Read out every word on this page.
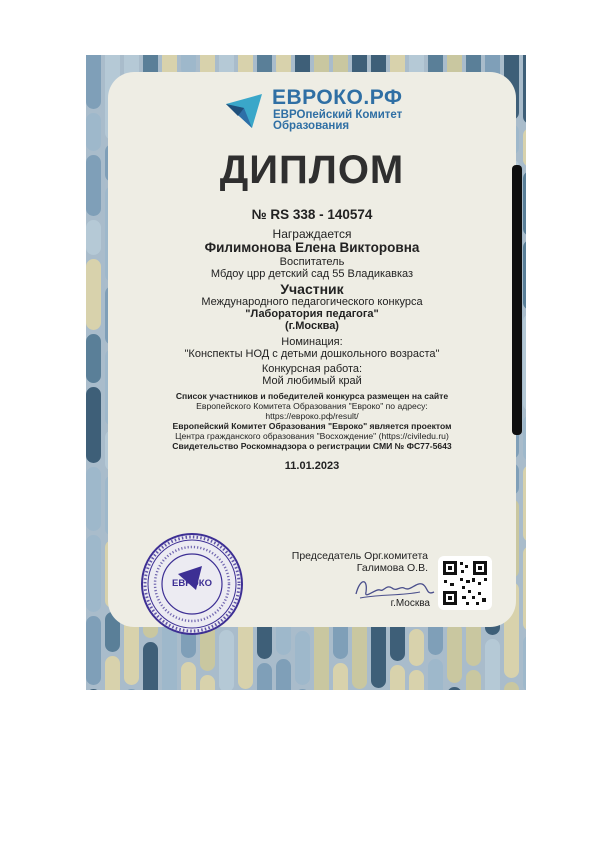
ЕВРОКО.РФ
ЕВРОпейский Комитет
Образования
ДИПЛОМ
№ RS 338 - 140574
Награждается
Филимонова Елена Викторовна
Воспитатель
Мбдоу црр детский сад 55 Владикавказ
Участник
Международного педагогического конкурса
"Лаборатория педагога"
(г.Москва)
Номинация:
"Конспекты НОД с детьми дошкольного возраста"
Конкурсная работа:
Мой любимый край
Список участников и победителей конкурса размещен на сайте
Европейского Комитета Образования "Евроко" по адресу:
https://евроко.рф/result/
Европейский Комитет Образования "Евроко" является проектом
Центра гражданского образования "Восхождение" (https://civiledu.ru)
Свидетельство Роскомнадзора о регистрации СМИ № ФС77-5643
11.01.2023
ЕВРОКО
Председатель Орг.комитета
Галимова О.В.
г.Москва
